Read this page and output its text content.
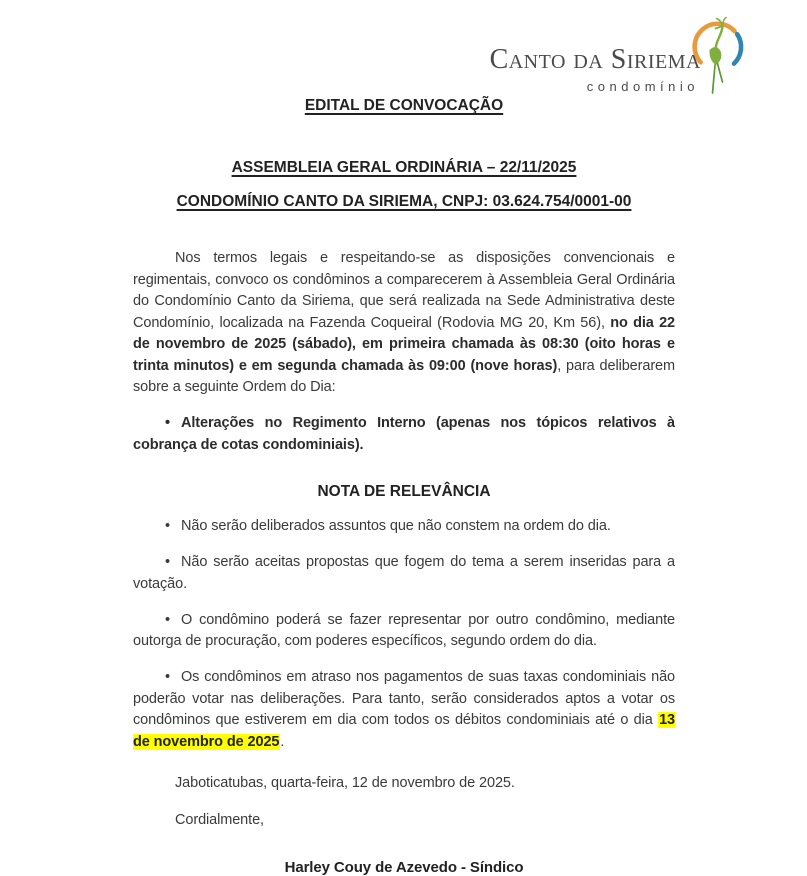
Canto da Siriema
condomínio
EDITAL DE CONVOCAÇÃO
ASSEMBLEIA GERAL ORDINÁRIA – 22/11/2025
CONDOMÍNIO CANTO DA SIRIEMA, CNPJ: 03.624.754/0001-00

Nos termos legais e respeitando-se as disposições convencionais e regimentais, convoco os condôminos a comparecerem à Assembleia Geral Ordinária do Condomínio Canto da Siriema, que será realizada na Sede Administrativa deste Condomínio, localizada na Fazenda Coqueiral (Rodovia MG 20, Km 56), no dia 22 de novembro de 2025 (sábado), em primeira chamada às 08:30 (oito horas e trinta minutos) e em segunda chamada às 09:00 (nove horas), para deliberarem sobre a seguinte Ordem do Dia:

• Alterações no Regimento Interno (apenas nos tópicos relativos à cobrança de cotas condominiais).

NOTA DE RELEVÂNCIA

• Não serão deliberados assuntos que não constem na ordem do dia.

• Não serão aceitas propostas que fogem do tema a serem inseridas para a votação.

• O condômino poderá se fazer representar por outro condômino, mediante outorga de procuração, com poderes específicos, segundo ordem do dia.

• Os condôminos em atraso nos pagamentos de suas taxas condominiais não poderão votar nas deliberações. Para tanto, serão considerados aptos a votar os condôminos que estiverem em dia com todos os débitos condominiais até o dia 13 de novembro de 2025.

Jaboticatubas, quarta-feira, 12 de novembro de 2025.

Cordialmente,

Harley Couy de Azevedo - Síndico
